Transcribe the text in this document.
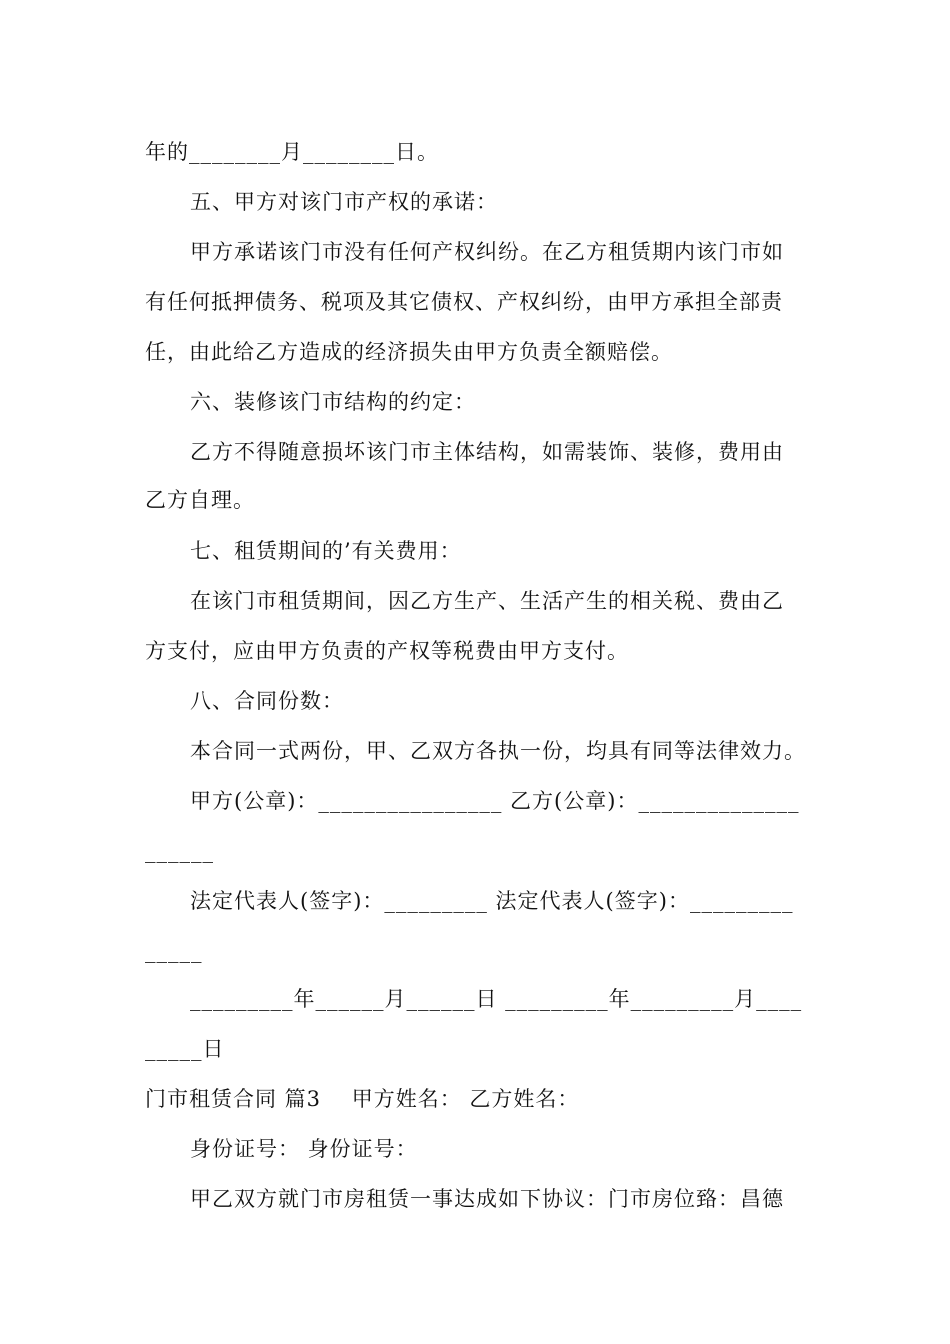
年的________月________日。
五、甲方对该门市产权的承诺：
甲方承诺该门市没有任何产权纠纷。在乙方租赁期内该门市如
有任何抵押债务、税项及其它债权、产权纠纷，由甲方承担全部责
任，由此给乙方造成的经济损失由甲方负责全额赔偿。
六、装修该门市结构的约定：
乙方不得随意损坏该门市主体结构，如需装饰、装修，费用由
乙方自理。
七、租赁期间的’有关费用：
在该门市租赁期间，因乙方生产、生活产生的相关税、费由乙
方支付，应由甲方负责的产权等税费由甲方支付。
八、合同份数：
本合同一式两份，甲、乙双方各执一份，均具有同等法律效力。
甲方(公章)：________________ 乙方(公章)：______________
______
法定代表人(签字)：_________ 法定代表人(签字)：_________
_____
_________年______月______日 _________年_________月____
_____日
门市租赁合同 篇3    甲方姓名： 乙方姓名：
身份证号： 身份证号：
甲乙双方就门市房租赁一事达成如下协议：门市房位臵：昌德
